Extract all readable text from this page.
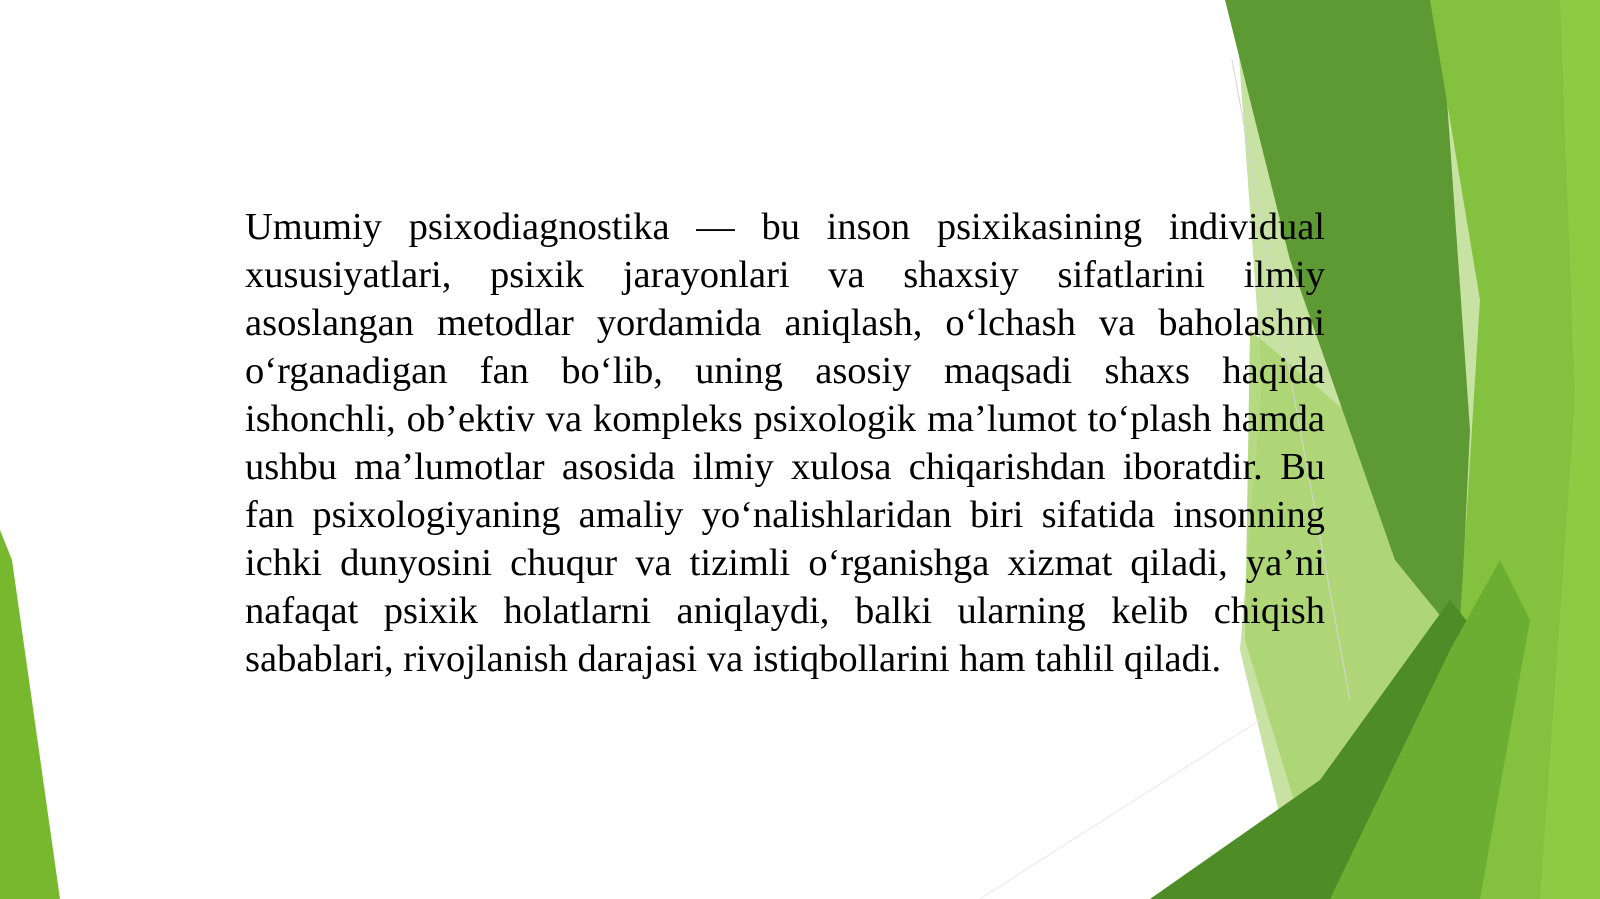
Umumiy psixodiagnostika — bu inson psixikasining individual xususiyatlari, psixik jarayonlari va shaxsiy sifatlarini ilmiy asoslangan metodlar yordamida aniqlash, o‘lchash va baholashni o‘rganadigan fan bo‘lib, uning asosiy maqsadi shaxs haqida ishonchli, ob’ektiv va kompleks psixologik ma’lumot to‘plash hamda ushbu ma’lumotlar asosida ilmiy xulosa chiqarishdan iboratdir. Bu fan psixologiyaning amaliy yo‘nalishlaridan biri sifatida insonning ichki dunyosini chuqur va tizimli o‘rganishga xizmat qiladi, ya’ni nafaqat psixik holatlarni aniqlaydi, balki ularning kelib chiqish sabablari, rivojlanish darajasi va istiqbollarini ham tahlil qiladi.
